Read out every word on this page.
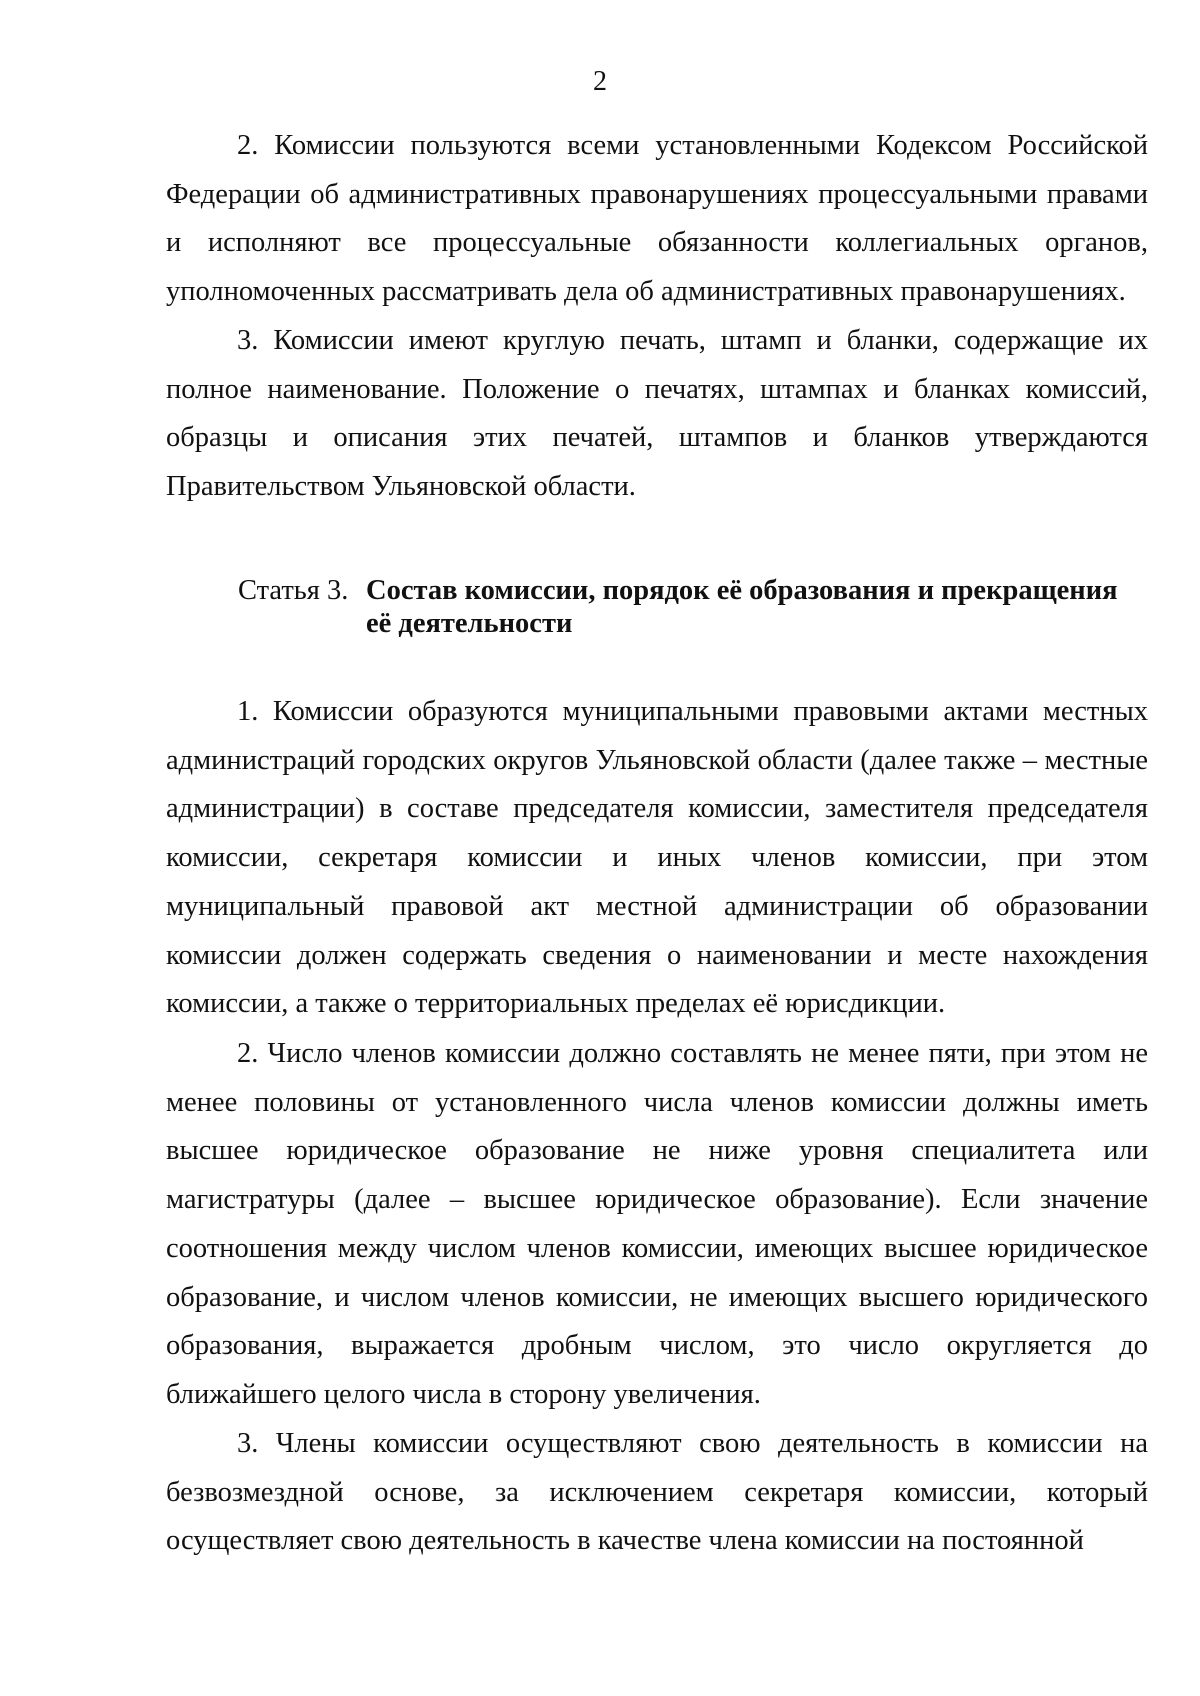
2

2. Комиссии пользуются всеми установленными Кодексом Российской Федерации об административных правонарушениях процессуальными правами и исполняют все процессуальные обязанности коллегиальных органов, уполномоченных рассматривать дела об административных правонарушениях.

3. Комиссии имеют круглую печать, штамп и бланки, содержащие их полное наименование. Положение о печатях, штампах и бланках комиссий, образцы и описания этих печатей, штампов и бланков утверждаются Правительством Ульяновской области.

Статья 3. Состав комиссии, порядок её образования и прекращения её деятельности

1. Комиссии образуются муниципальными правовыми актами местных администраций городских округов Ульяновской области (далее также – местные администрации) в составе председателя комиссии, заместителя председателя комиссии, секретаря комиссии и иных членов комиссии, при этом муниципальный правовой акт местной администрации об образовании комиссии должен содержать сведения о наименовании и месте нахождения комиссии, а также о территориальных пределах её юрисдикции.

2. Число членов комиссии должно составлять не менее пяти, при этом не менее половины от установленного числа членов комиссии должны иметь высшее юридическое образование не ниже уровня специалитета или магистратуры (далее – высшее юридическое образование). Если значение соотношения между числом членов комиссии, имеющих высшее юридическое образование, и числом членов комиссии, не имеющих высшего юридического образования, выражается дробным числом, это число округляется до ближайшего целого числа в сторону увеличения.

3. Члены комиссии осуществляют свою деятельность в комиссии на безвозмездной основе, за исключением секретаря комиссии, который осуществляет свою деятельность в качестве члена комиссии на постоянной
